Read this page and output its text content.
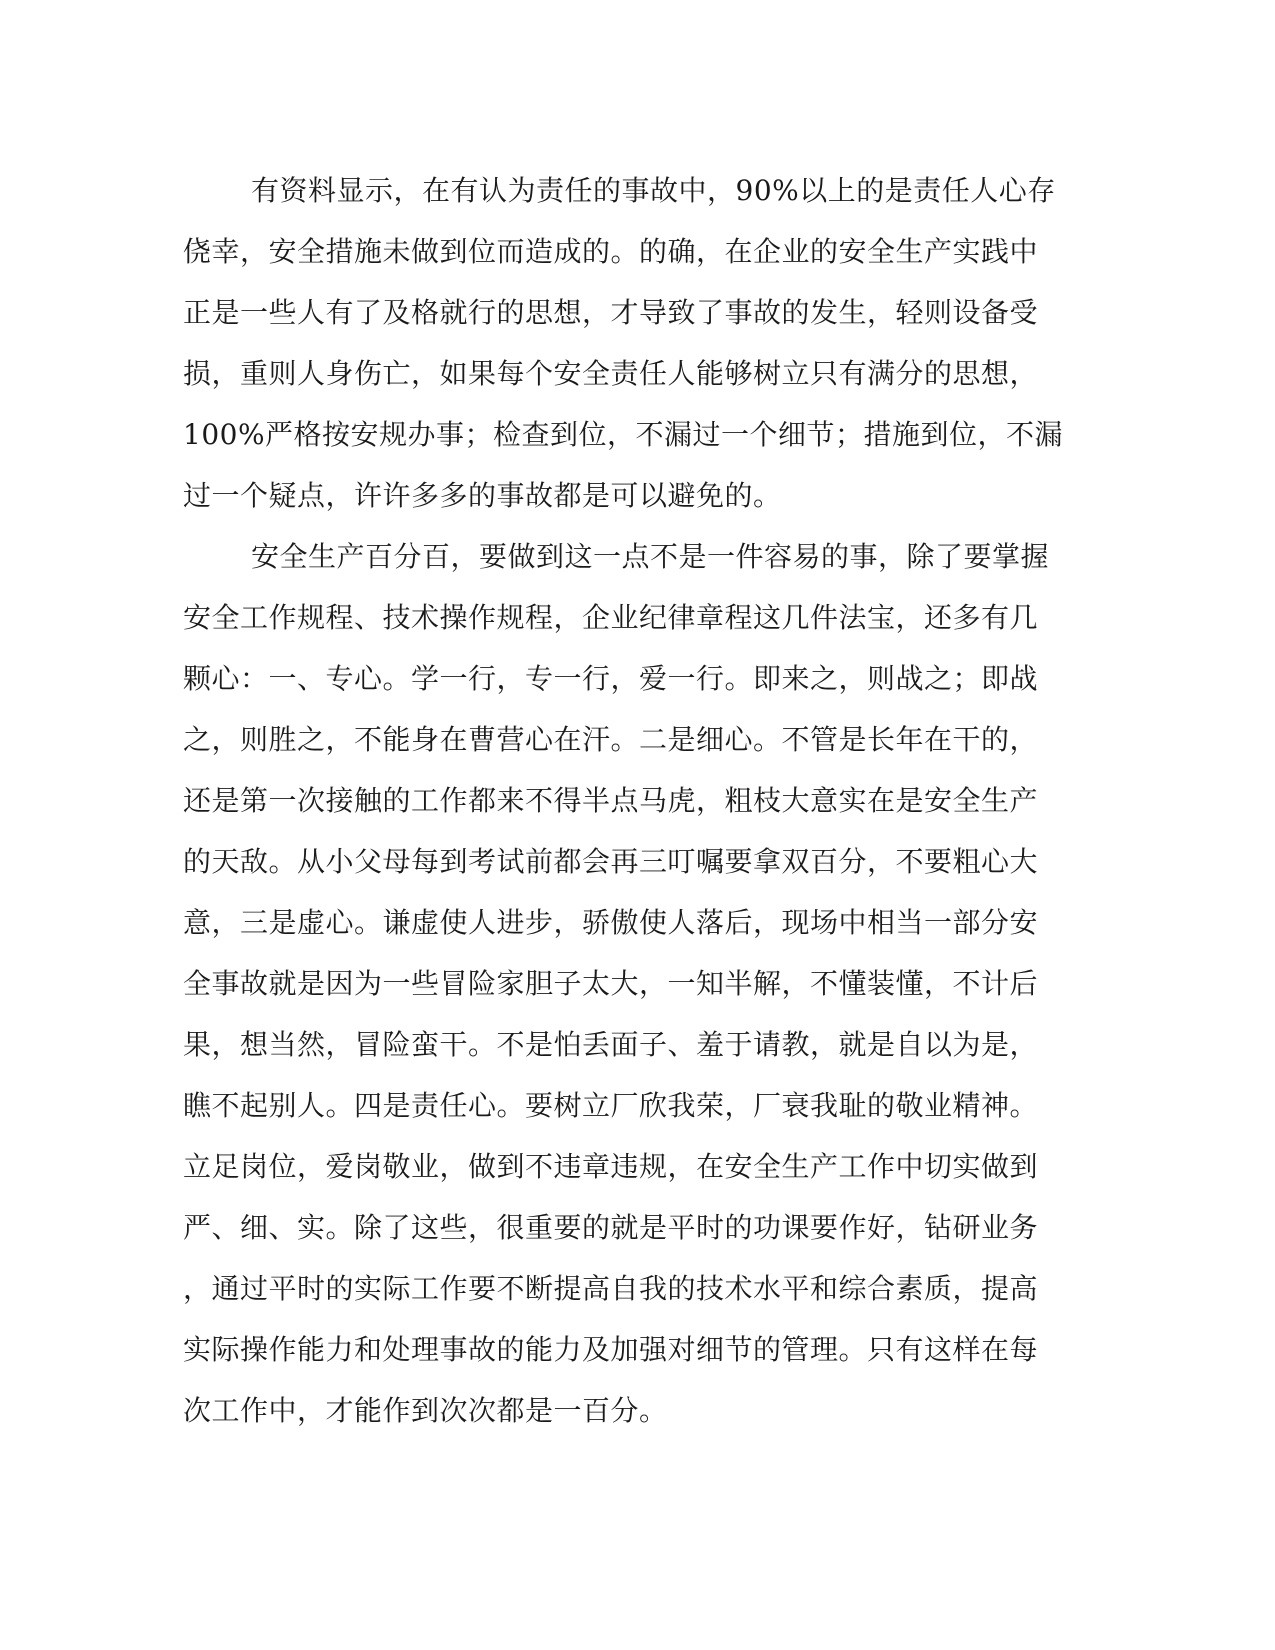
有资料显示，在有认为责任的事故中，90%以上的是责任人心存
侥幸，安全措施未做到位而造成的。的确，在企业的安全生产实践中
正是一些人有了及格就行的思想，才导致了事故的发生，轻则设备受
损，重则人身伤亡，如果每个安全责任人能够树立只有满分的思想，
100%严格按安规办事；检查到位，不漏过一个细节；措施到位，不漏
过一个疑点，许许多多的事故都是可以避免的。
安全生产百分百，要做到这一点不是一件容易的事，除了要掌握
安全工作规程、技术操作规程，企业纪律章程这几件法宝，还多有几
颗心：一、专心。学一行，专一行，爱一行。即来之，则战之；即战
之，则胜之，不能身在曹营心在汗。二是细心。不管是长年在干的，
还是第一次接触的工作都来不得半点马虎，粗枝大意实在是安全生产
的天敌。从小父母每到考试前都会再三叮嘱要拿双百分，不要粗心大
意，三是虚心。谦虚使人进步，骄傲使人落后，现场中相当一部分安
全事故就是因为一些冒险家胆子太大，一知半解，不懂装懂，不计后
果，想当然，冒险蛮干。不是怕丢面子、羞于请教，就是自以为是，
瞧不起别人。四是责任心。要树立厂欣我荣，厂衰我耻的敬业精神。
立足岗位，爱岗敬业，做到不违章违规，在安全生产工作中切实做到
严、细、实。除了这些，很重要的就是平时的功课要作好，钻研业务
，通过平时的实际工作要不断提高自我的技术水平和综合素质，提高
实际操作能力和处理事故的能力及加强对细节的管理。只有这样在每
次工作中，才能作到次次都是一百分。
